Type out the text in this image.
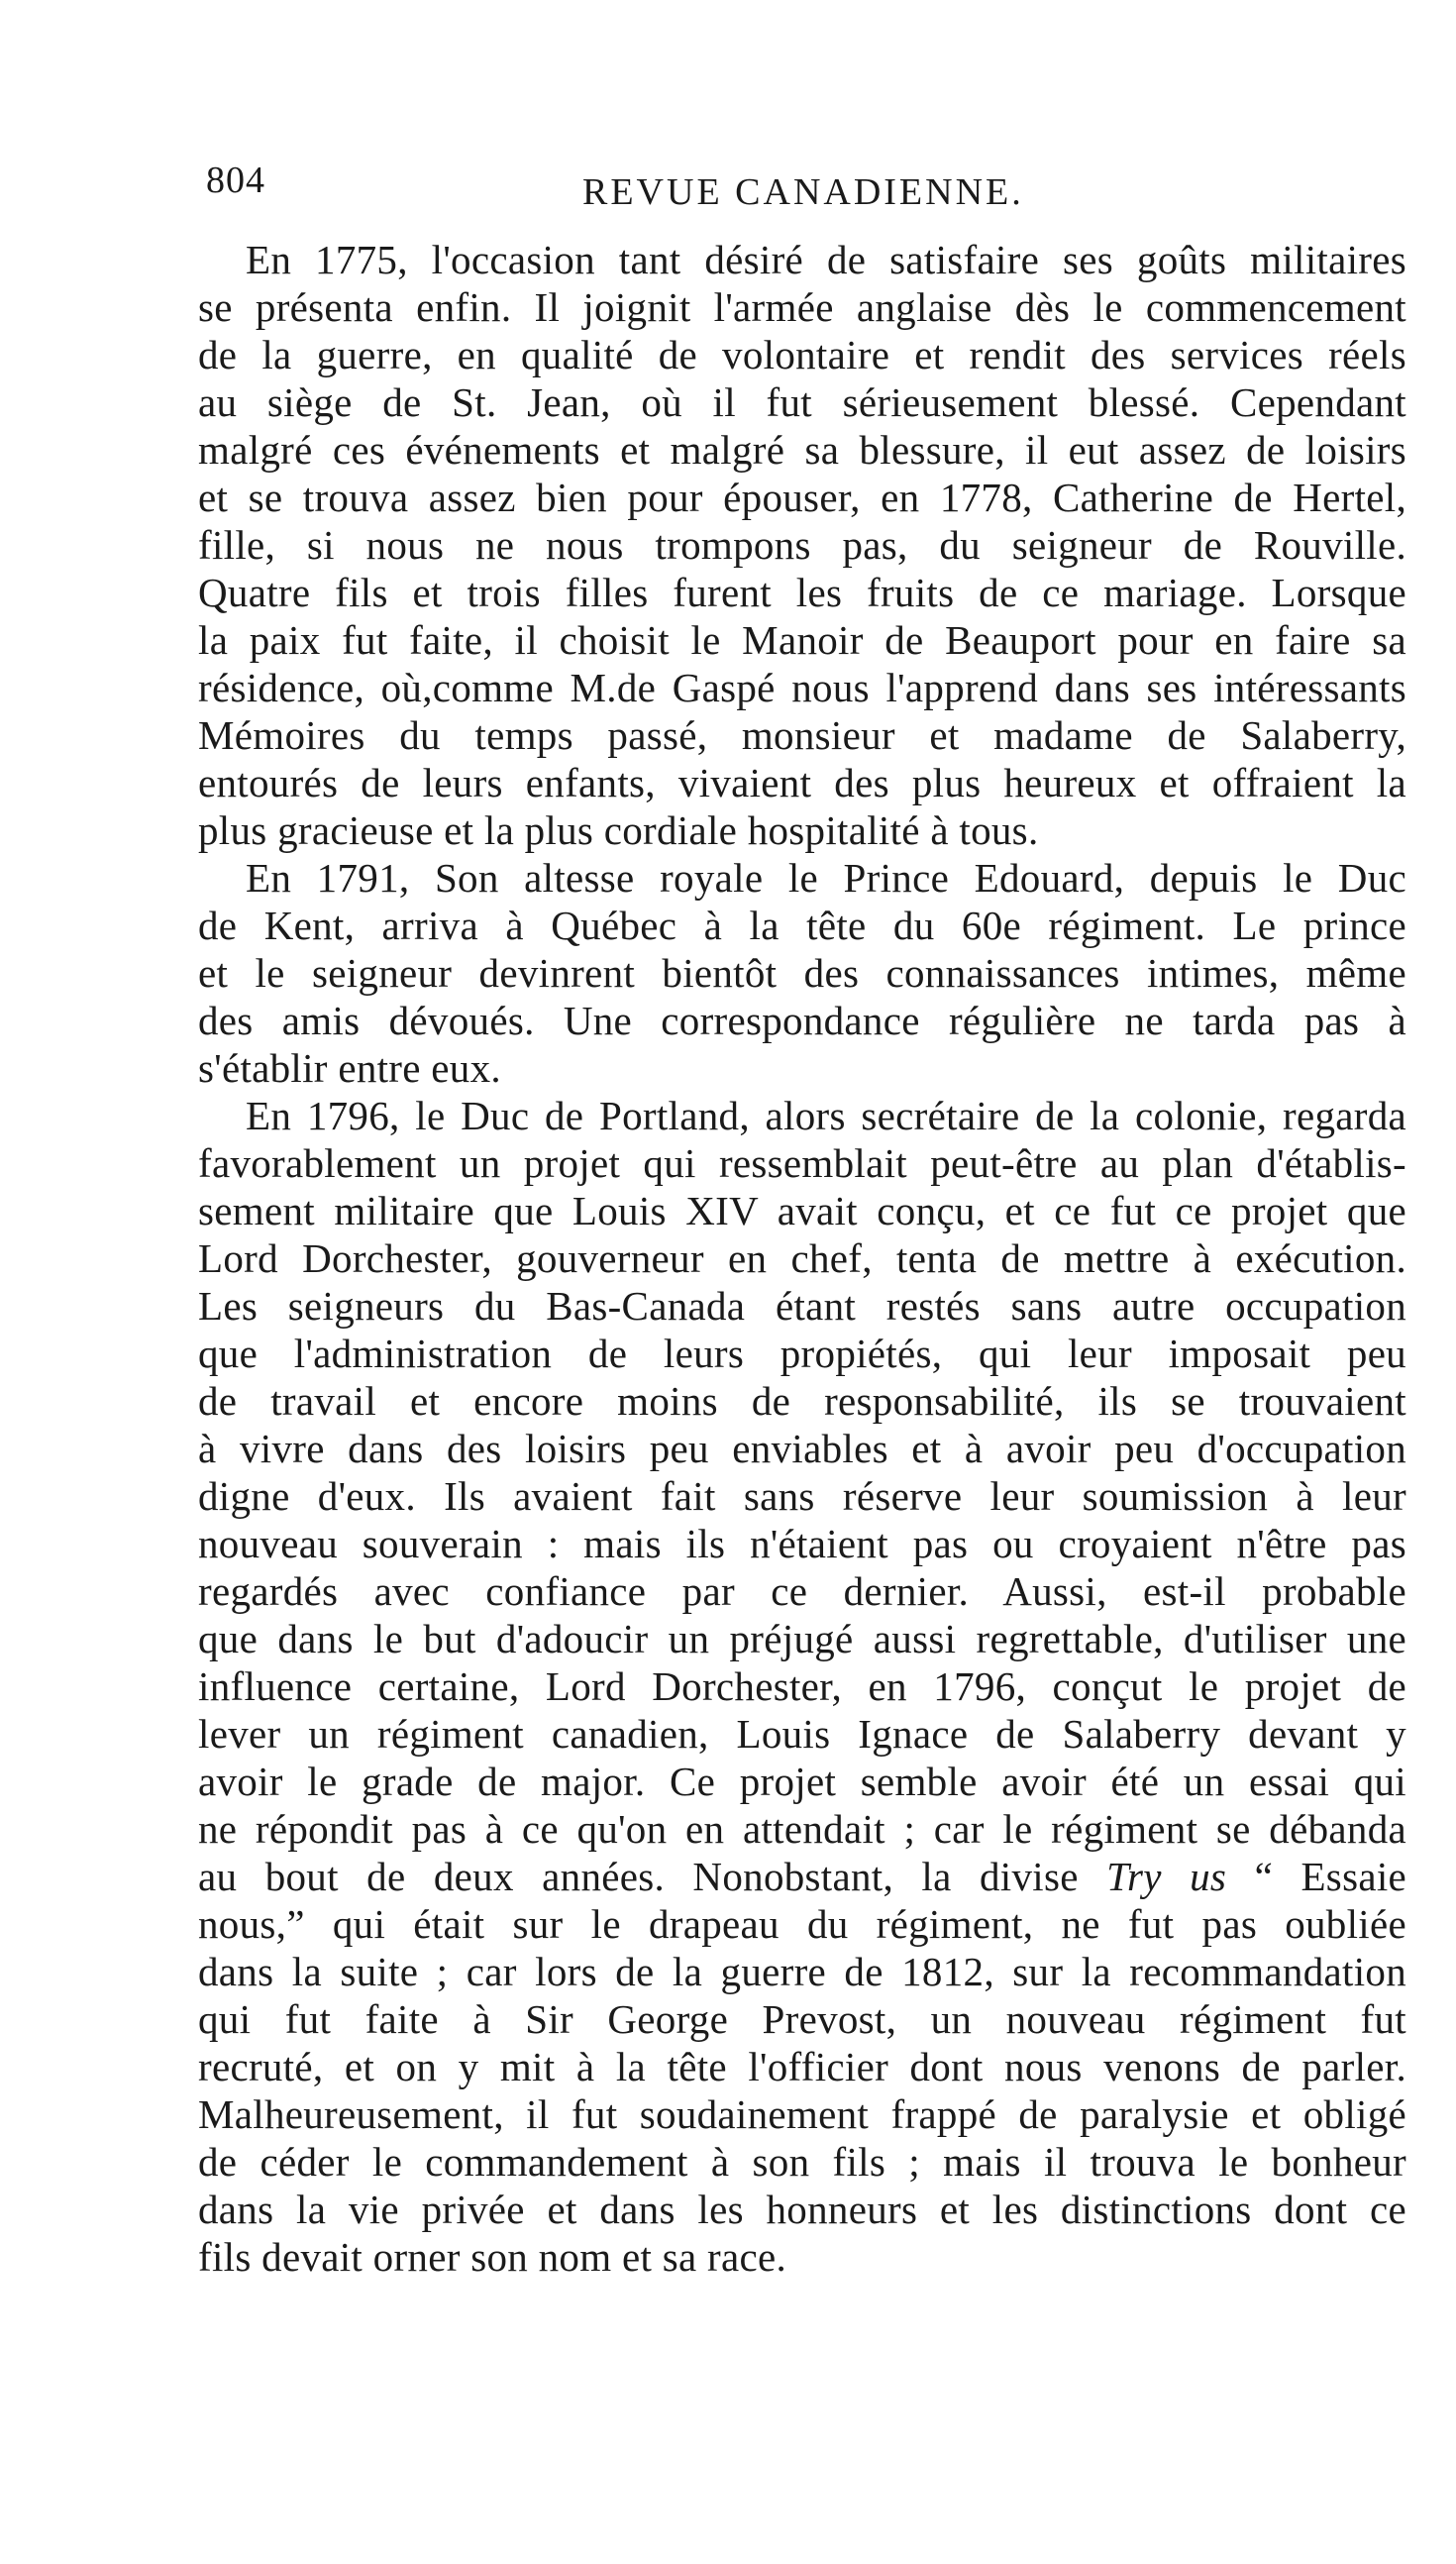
804	REVUE CANADIENNE.

En 1775, l'occasion tant désiré de satisfaire ses goûts militaires
se présenta enfin. Il joignit l'armée anglaise dès le commencement
de la guerre, en qualité de volontaire et rendit des services réels
au siège de St. Jean, où il fut sérieusement blessé. Cependant
malgré ces événements et malgré sa blessure, il eut assez de loisirs
et se trouva assez bien pour épouser, en 1778, Catherine de Hertel,
fille, si nous ne nous trompons pas, du seigneur de Rouville.
Quatre fils et trois filles furent les fruits de ce mariage. Lorsque
la paix fut faite, il choisit le Manoir de Beauport pour en faire sa
résidence, où,comme M.de Gaspé nous l'apprend dans ses intéressants
Mémoires du temps passé, monsieur et madame de Salaberry,
entourés de leurs enfants, vivaient des plus heureux et offraient la
plus gracieuse et la plus cordiale hospitalité à tous.

En 1791, Son altesse royale le Prince Edouard, depuis le Duc
de Kent, arriva à Québec à la tête du 60e régiment. Le prince
et le seigneur devinrent bientôt des connaissances intimes, même
des amis dévoués. Une correspondance régulière ne tarda pas à
s'établir entre eux.

En 1796, le Duc de Portland, alors secrétaire de la colonie, regarda
favorablement un projet qui ressemblait peut-être au plan d'établis-
sement militaire que Louis XIV avait conçu, et ce fut ce projet que
Lord Dorchester, gouverneur en chef, tenta de mettre à exécution.
Les seigneurs du Bas-Canada étant restés sans autre occupation
que l'administration de leurs propiétés, qui leur imposait peu
de travail et encore moins de responsabilité, ils se trouvaient
à vivre dans des loisirs peu enviables et à avoir peu d'occupation
digne d'eux. Ils avaient fait sans réserve leur soumission à leur
nouveau souverain : mais ils n'étaient pas ou croyaient n'être pas
regardés avec confiance par ce dernier. Aussi, est-il probable
que dans le but d'adoucir un préjugé aussi regrettable, d'utiliser une
influence certaine, Lord Dorchester, en 1796, conçut le projet de
lever un régiment canadien, Louis Ignace de Salaberry devant y
avoir le grade de major. Ce projet semble avoir été un essai qui
ne répondit pas à ce qu'on en attendait ; car le régiment se débanda
au bout de deux années. Nonobstant, la divise Try us “ Essaie
nous,” qui était sur le drapeau du régiment, ne fut pas oubliée
dans la suite ; car lors de la guerre de 1812, sur la recommandation
qui fut faite à Sir George Prevost, un nouveau régiment fut
recruté, et on y mit à la tête l'officier dont nous venons de parler.
Malheureusement, il fut soudainement frappé de paralysie et obligé
de céder le commandement à son fils ; mais il trouva le bonheur
dans la vie privée et dans les honneurs et les distinctions dont ce
fils devait orner son nom et sa race.
